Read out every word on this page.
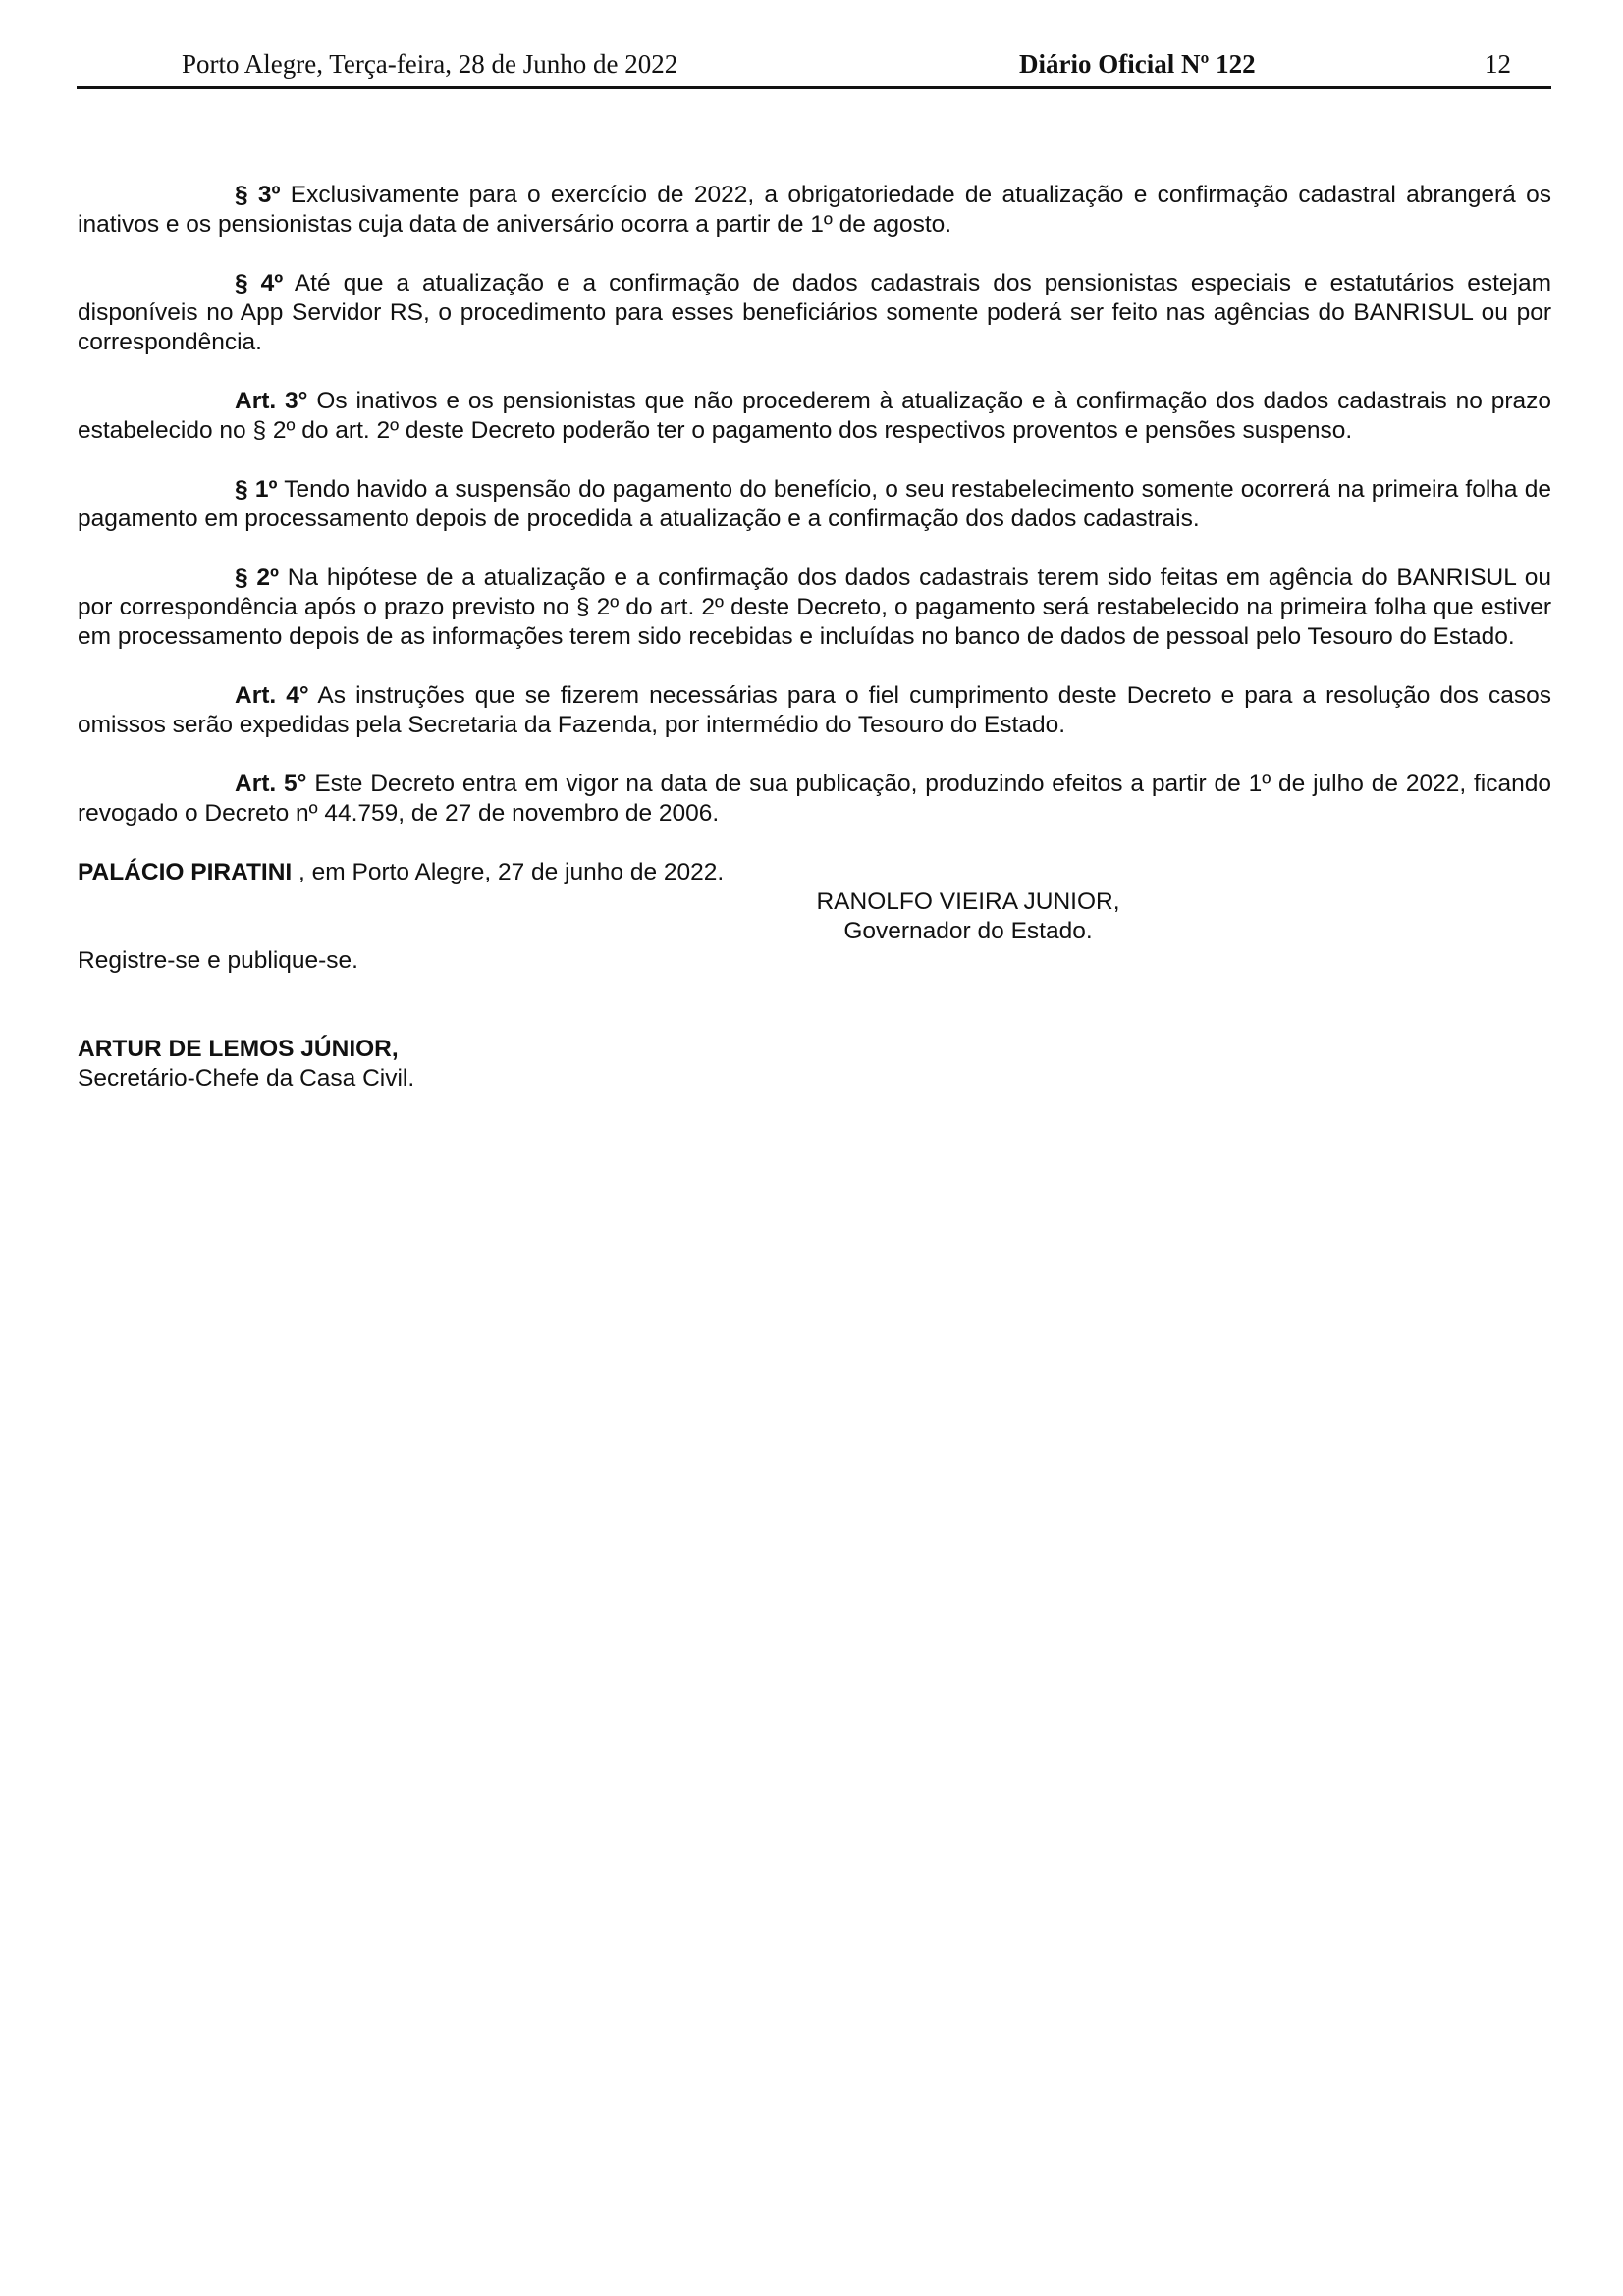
Porto Alegre, Terça-feira, 28 de Junho de 2022	Diário Oficial Nº 122	12

§ 3º Exclusivamente para o exercício de 2022, a obrigatoriedade de atualização e confirmação cadastral abrangerá os inativos e os pensionistas cuja data de aniversário ocorra a partir de 1º de agosto.

§ 4º Até que a atualização e a confirmação de dados cadastrais dos pensionistas especiais e estatutários estejam disponíveis no App Servidor RS, o procedimento para esses beneficiários somente poderá ser feito nas agências do BANRISUL ou por correspondência.

Art. 3° Os inativos e os pensionistas que não procederem à atualização e à confirmação dos dados cadastrais no prazo estabelecido no § 2º do art. 2º deste Decreto poderão ter o pagamento dos respectivos proventos e pensões suspenso.

§ 1º Tendo havido a suspensão do pagamento do benefício, o seu restabelecimento somente ocorrerá na primeira folha de pagamento em processamento depois de procedida a atualização e a confirmação dos dados cadastrais.

§ 2º Na hipótese de a atualização e a confirmação dos dados cadastrais terem sido feitas em agência do BANRISUL ou por correspondência após o prazo previsto no § 2º do art. 2º deste Decreto, o pagamento será restabelecido na primeira folha que estiver em processamento depois de as informações terem sido recebidas e incluídas no banco de dados de pessoal pelo Tesouro do Estado.

Art. 4° As instruções que se fizerem necessárias para o fiel cumprimento deste Decreto e para a resolução dos casos omissos serão expedidas pela Secretaria da Fazenda, por intermédio do Tesouro do Estado.

Art. 5° Este Decreto entra em vigor na data de sua publicação, produzindo efeitos a partir de 1º de julho de 2022, ficando revogado o Decreto nº 44.759, de 27 de novembro de 2006.

PALÁCIO PIRATINI , em Porto Alegre, 27 de junho de 2022.

RANOLFO VIEIRA JUNIOR,
Governador do Estado.
Registre-se e publique-se.
ARTUR DE LEMOS JÚNIOR,
Secretário-Chefe da Casa Civil.
